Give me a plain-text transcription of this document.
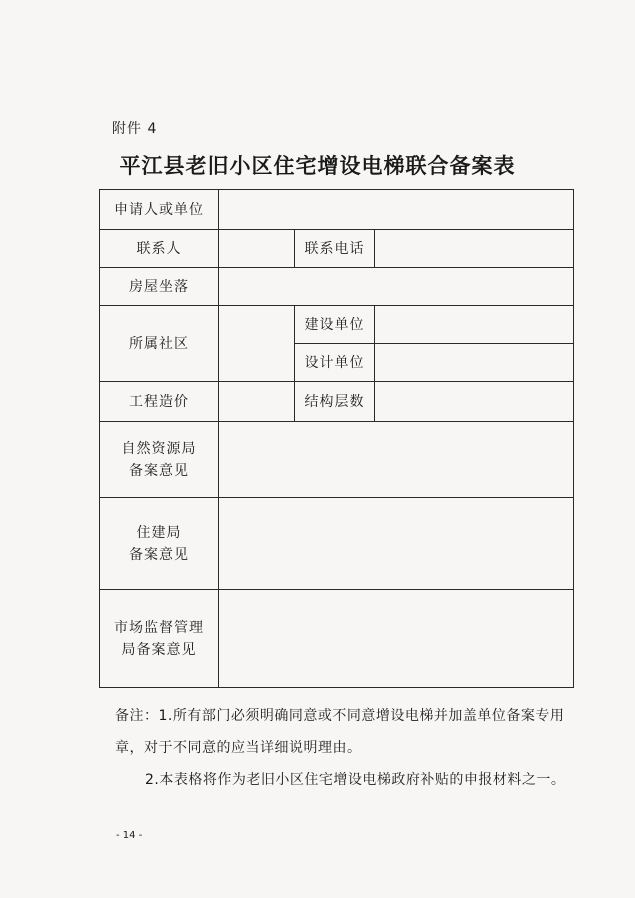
附件 4
平江县老旧小区住宅增设电梯联合备案表
申请人或单位			
联系人		联系电话	
房屋坐落			
所属社区		建设单位	
		设计单位	
工程造价		结构层数	

自然资源局
备案意见			

住建局
备案意见			

市场监督管理
局备案意见			

备注：1.所有部门必须明确同意或不同意增设电梯并加盖单位备案专用章，对于不同意的应当详细说明理由。

2.本表格将作为老旧小区住宅增设电梯政府补贴的申报材料之一。

- 14 -
